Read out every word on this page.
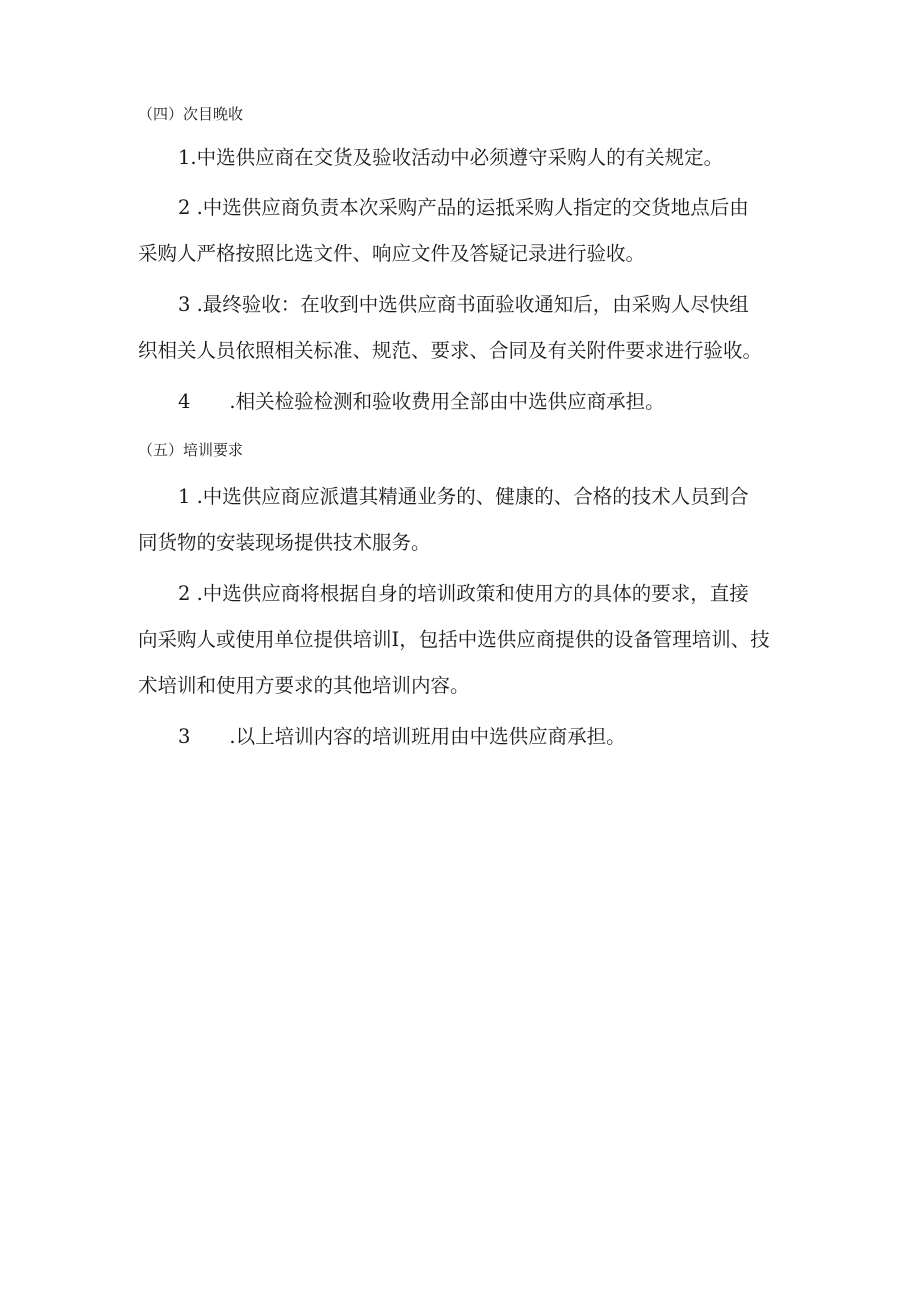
（四）次目晚收
1.中选供应商在交货及验收活动中必须遵守采购人的有关规定。
2 .中选供应商负责本次采购产品的运抵采购人指定的交货地点后由
采购人严格按照比选文件、响应文件及答疑记录进行验收。
3 .最终验收：在收到中选供应商书面验收通知后，由采购人尽快组
织相关人员依照相关标准、规范、要求、合同及有关附件要求进行验收。
4　　.相关检验检测和验收费用全部由中选供应商承担。
（五）培训要求
1 .中选供应商应派遣其精通业务的、健康的、合格的技术人员到合
同货物的安装现场提供技术服务。
2 .中选供应商将根据自身的培训政策和使用方的具体的要求，直接
向采购人或使用单位提供培训I，包括中选供应商提供的设备管理培训、技
术培训和使用方要求的其他培训内容。
3　　.以上培训内容的培训班用由中选供应商承担。
